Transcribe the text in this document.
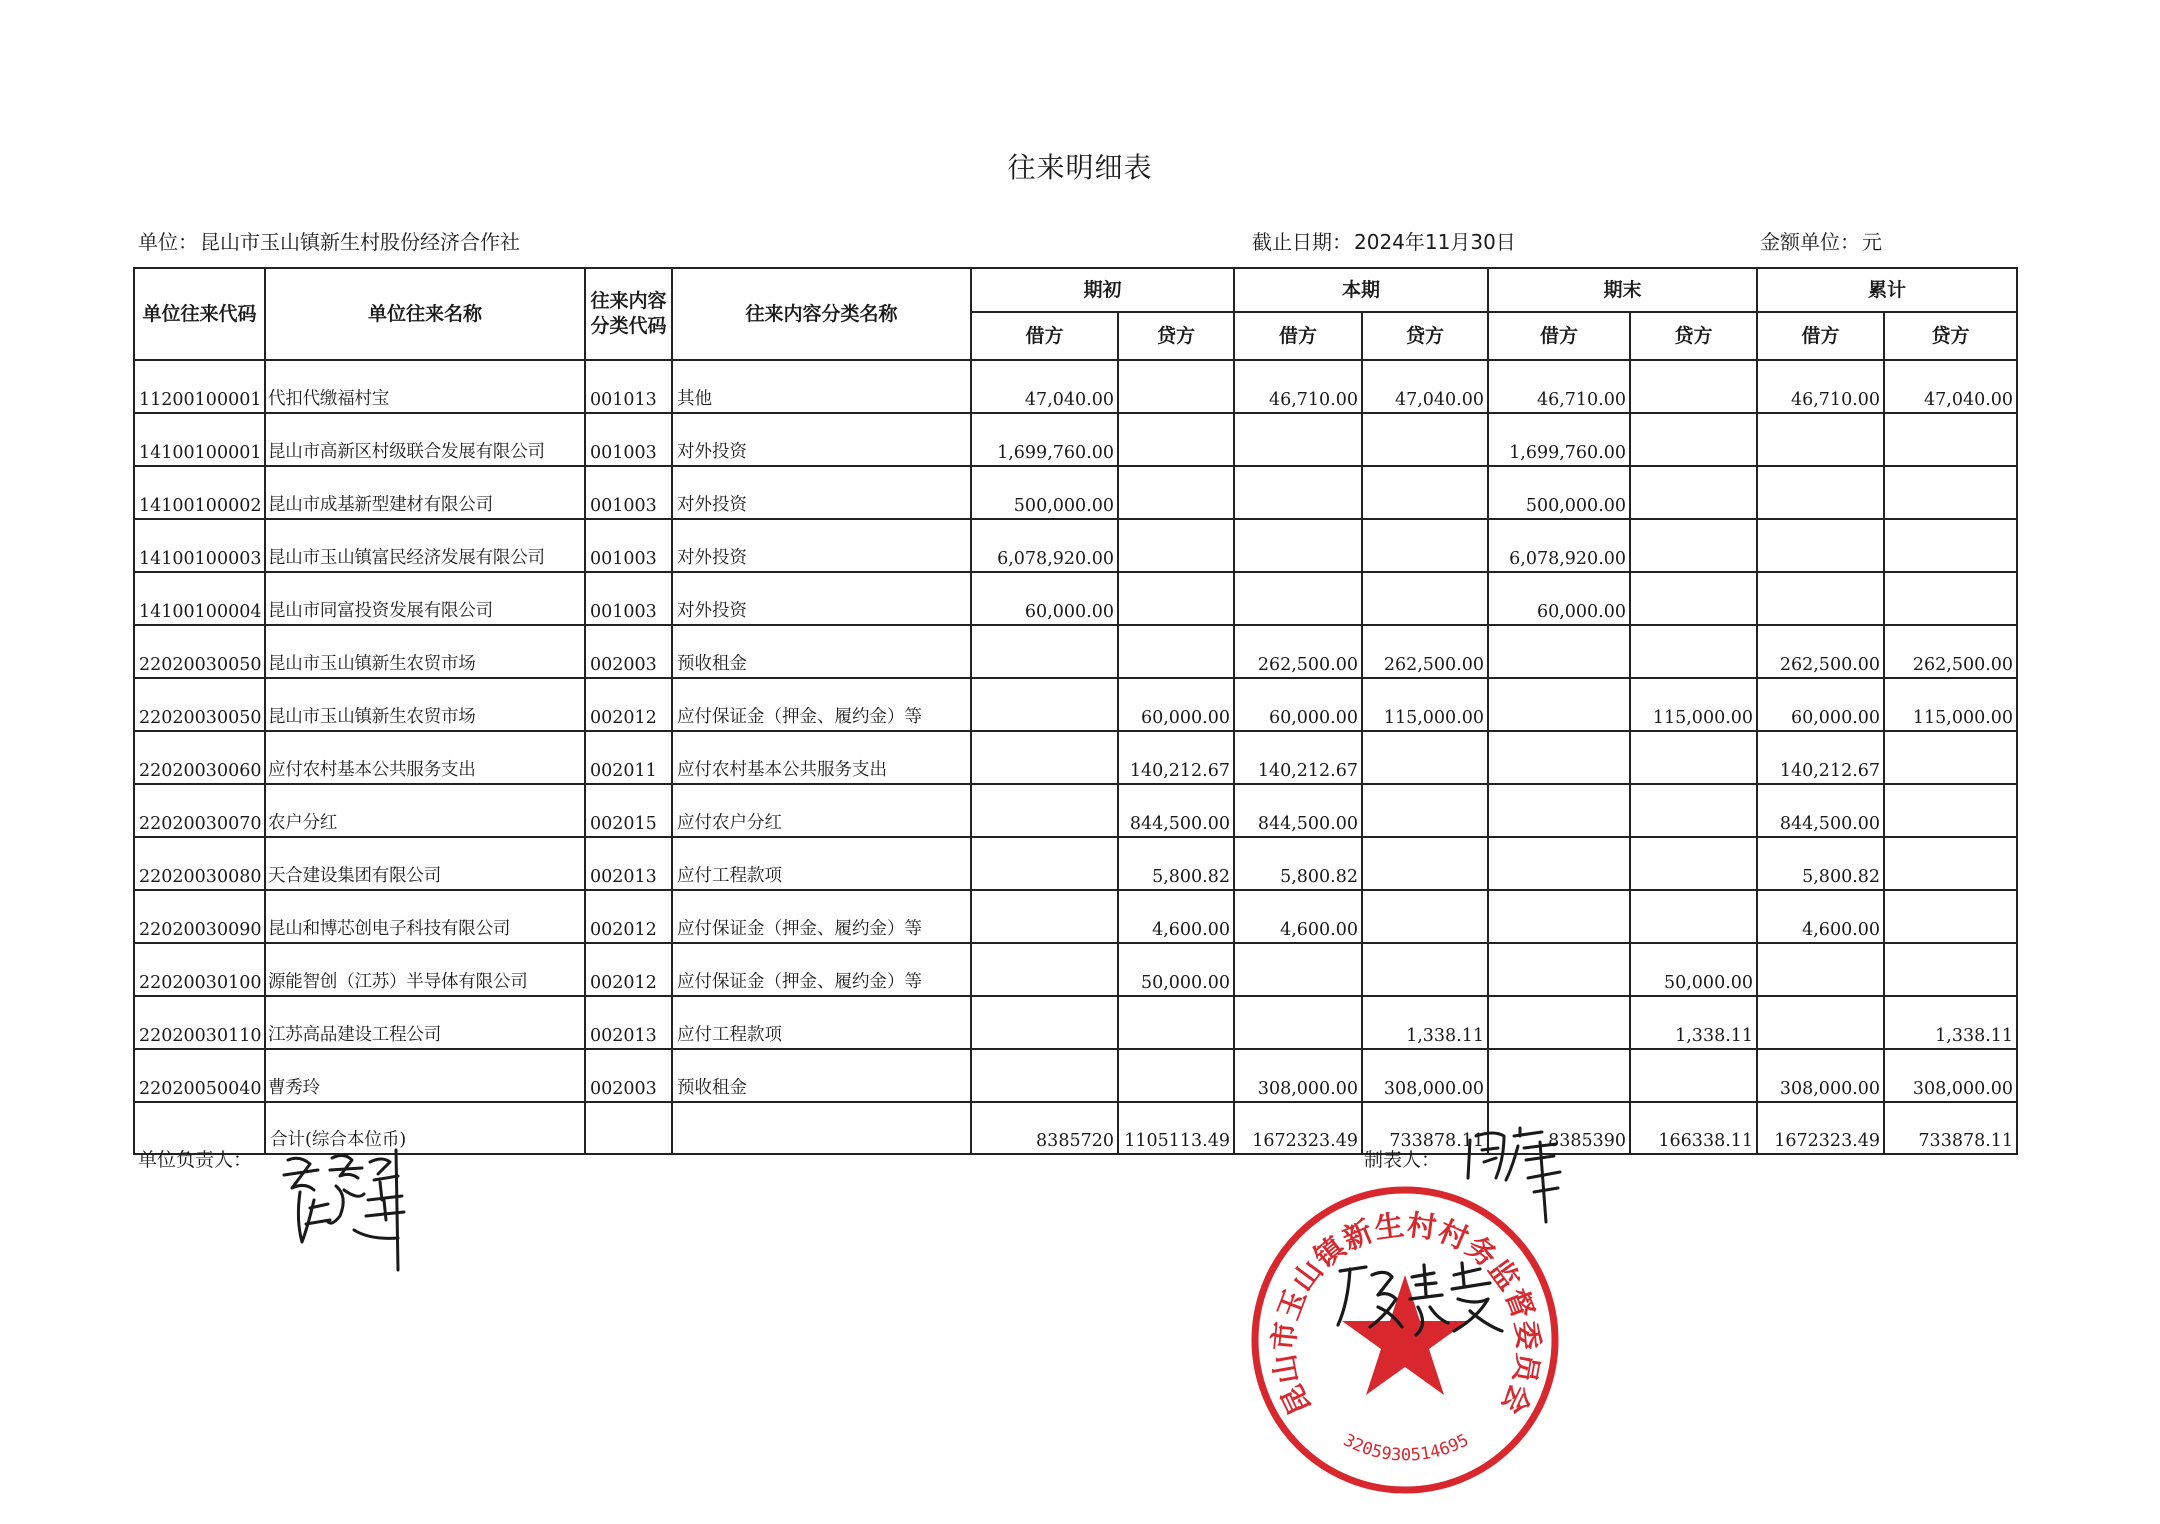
往来明细表
单位： 昆山市玉山镇新生村股份经济合作社	截止日期： 2024年11月30日	金额单位： 元
单位往来代码	单位往来名称	往来内容分类代码	往来内容分类名称	期初		本期		期末		累计	
				借方	贷方	借方	贷方	借方	贷方	借方	贷方
11200100001	代扣代缴福村宝	001013	其他	47,040.00		46,710.00	47,040.00	46,710.00		46,710.00	47,040.00
14100100001	昆山市高新区村级联合发展有限公司	001003	对外投资	1,699,760.00				1,699,760.00			
14100100002	昆山市成基新型建材有限公司	001003	对外投资	500,000.00				500,000.00			
14100100003	昆山市玉山镇富民经济发展有限公司	001003	对外投资	6,078,920.00				6,078,920.00			
14100100004	昆山市同富投资发展有限公司	001003	对外投资	60,000.00				60,000.00			
22020030050	昆山市玉山镇新生农贸市场	002003	预收租金			262,500.00	262,500.00			262,500.00	262,500.00
22020030050	昆山市玉山镇新生农贸市场	002012	应付保证金（押金、履约金）等		60,000.00	60,000.00	115,000.00		115,000.00	60,000.00	115,000.00
22020030060	应付农村基本公共服务支出	002011	应付农村基本公共服务支出		140,212.67	140,212.67				140,212.67	
22020030070	农户分红	002015	应付农户分红		844,500.00	844,500.00				844,500.00	
22020030080	天合建设集团有限公司	002013	应付工程款项		5,800.82	5,800.82				5,800.82	
22020030090	昆山和博芯创电子科技有限公司	002012	应付保证金（押金、履约金）等		4,600.00	4,600.00				4,600.00	
22020030100	源能智创（江苏）半导体有限公司	002012	应付保证金（押金、履约金）等		50,000.00				50,000.00		
22020030110	江苏高品建设工程公司	002013	应付工程款项				1,338.11		1,338.11		1,338.11
22020050040	曹秀玲	002003	预收租金			308,000.00	308,000.00			308,000.00	308,000.00
	合计(综合本位币)			8385720	1105113.49	1672323.49	733878.11	8385390	166338.11	1672323.49	733878.11
单位负责人：	制表人：
昆山市玉山镇新生村村务监督委员会
3205930514695
